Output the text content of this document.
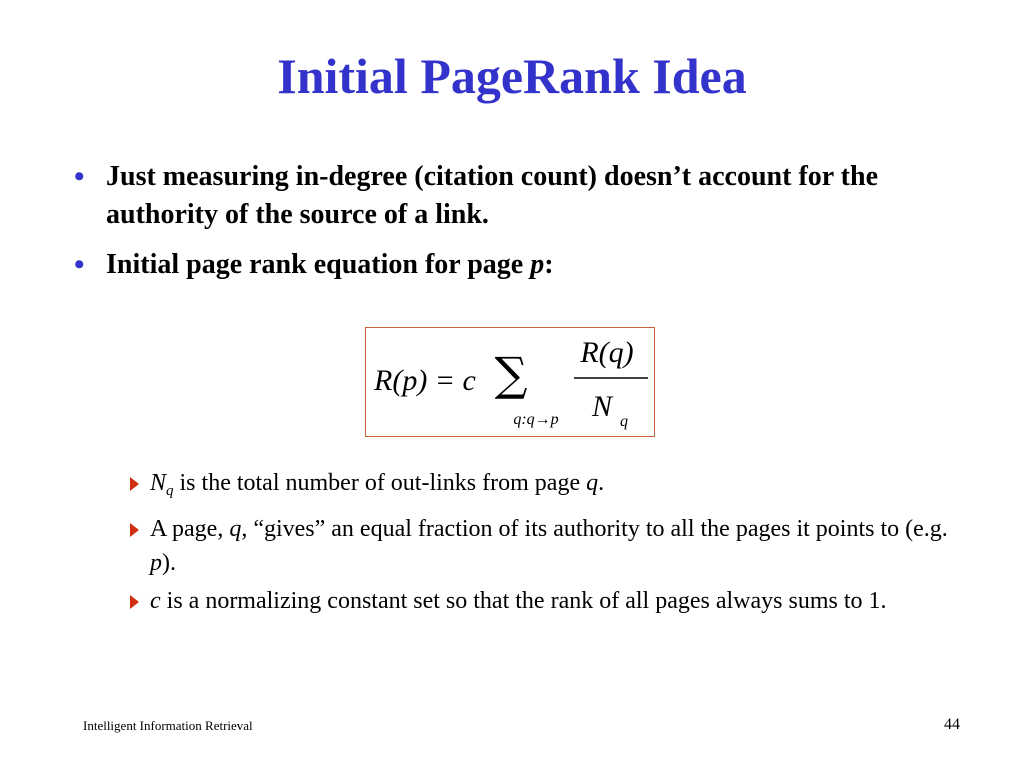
Initial PageRank Idea
• Just measuring in-degree (citation count) doesn’t account for the authority of the source of a link.
• Initial page rank equation for page p:
R(p) = c ∑
q:q→p
R(q)
N q
$N_q$ is the total number of out-links from page q.
A page, q, “gives” an equal fraction of its authority to all the pages it points to (e.g. p).
c is a normalizing constant set so that the rank of all pages always sums to 1.
Intelligent Information Retrieval	44
